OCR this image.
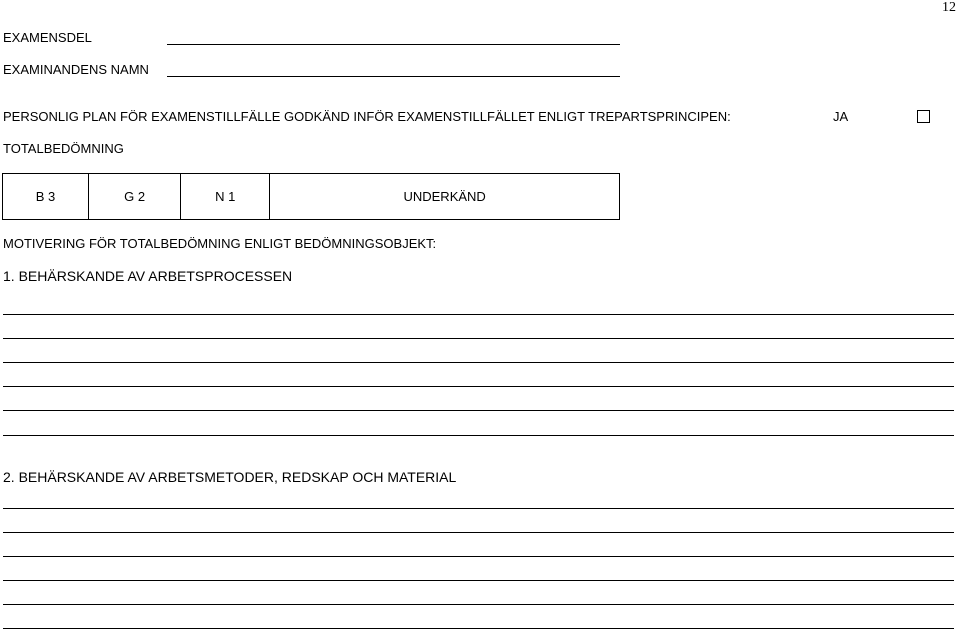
12
EXAMENSDEL
EXAMINANDENS NAMN
PERSONLIG PLAN FÖR EXAMENSTILLFÄLLE GODKÄND INFÖR EXAMENSTILLFÄLLET ENLIGT TREPARTSPRINCIPEN:	JA
TOTALBEDÖMNING
B 3	G 2	N 1	UNDERKÄND
MOTIVERING FÖR TOTALBEDÖMNING ENLIGT BEDÖMNINGSOBJEKT:
1. BEHÄRSKANDE AV ARBETSPROCESSEN
2. BEHÄRSKANDE AV ARBETSMETODER, REDSKAP OCH MATERIAL
